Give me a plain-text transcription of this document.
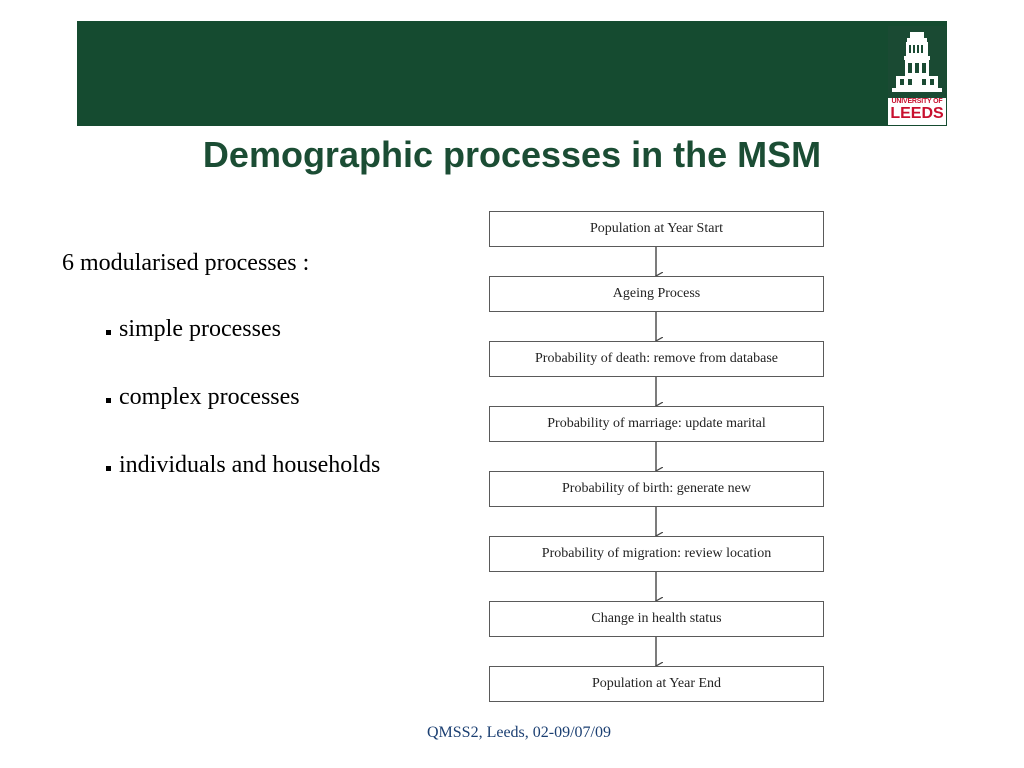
UNIVERSITY OF
LEEDS
Demographic processes in the MSM
6 modularised processes :
simple processes
complex processes
individuals and households
Population at Year Start
Ageing Process
Probability of death: remove from database
Probability of marriage: update marital
Probability of birth: generate new
Probability of migration: review location
Change in health status
Population at Year End
QMSS2, Leeds, 02-09/07/09
